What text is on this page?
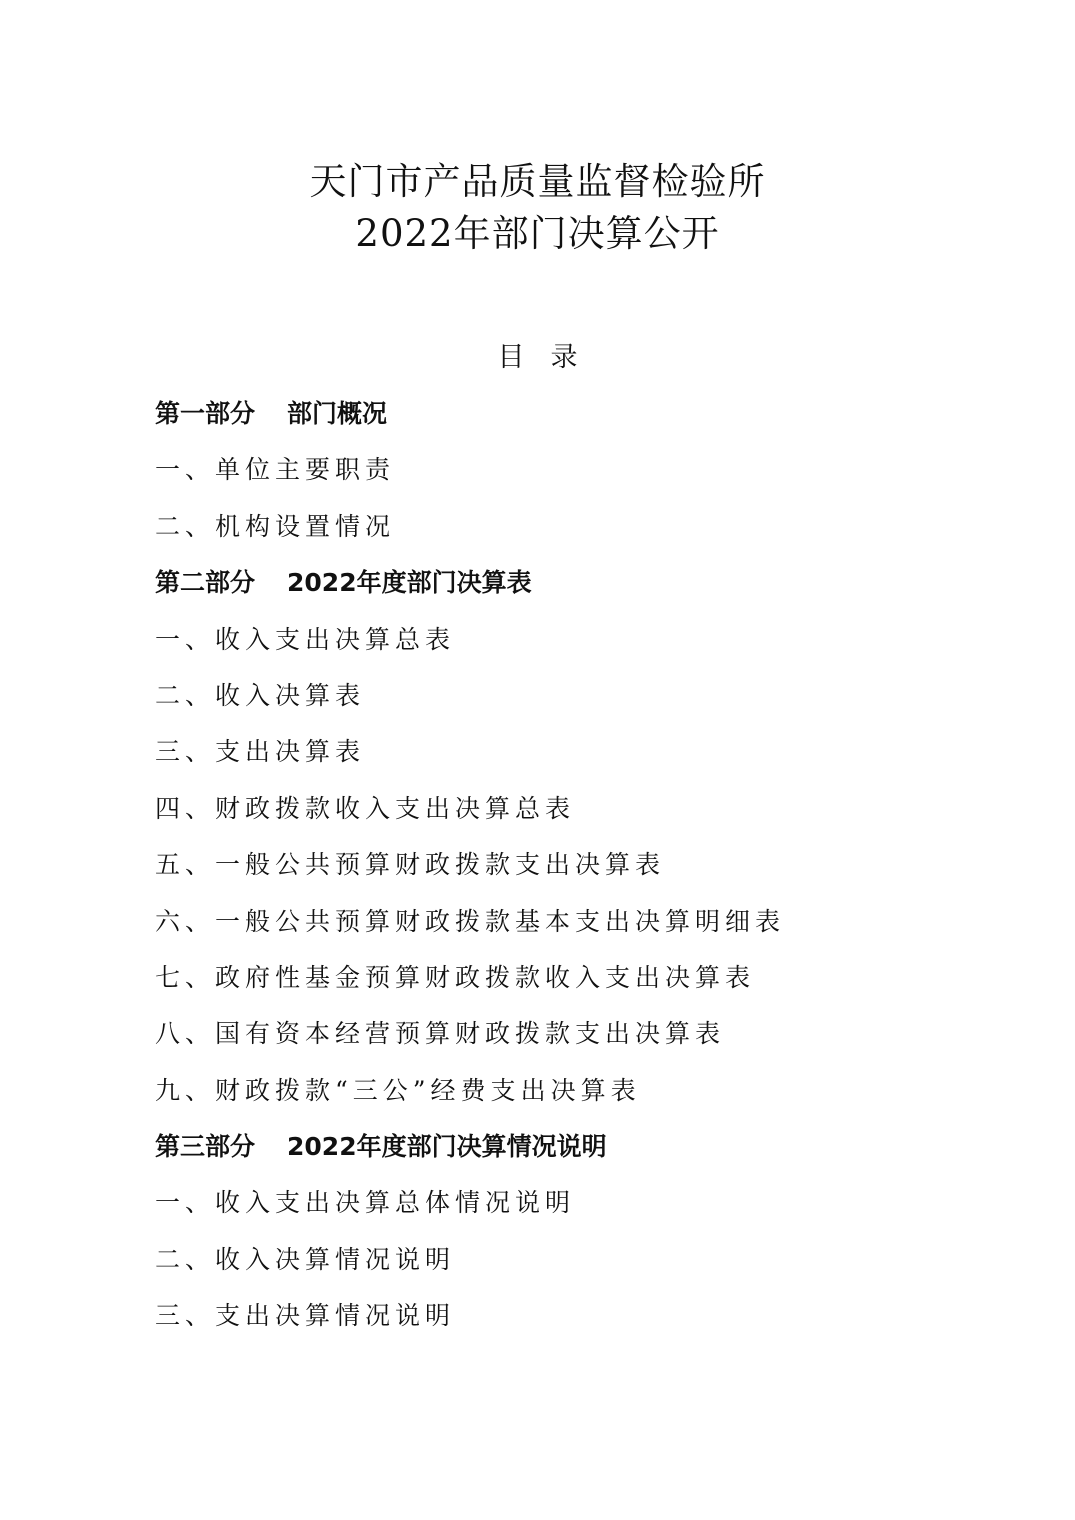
天门市产品质量监督检验所
2022年部门决算公开
目 录
第一部分 部门概况
一、单位主要职责
二、机构设置情况
第二部分 2022年度部门决算表
一、收入支出决算总表
二、收入决算表
三、支出决算表
四、财政拨款收入支出决算总表
五、一般公共预算财政拨款支出决算表
六、一般公共预算财政拨款基本支出决算明细表
七、政府性基金预算财政拨款收入支出决算表
八、国有资本经营预算财政拨款支出决算表
九、财政拨款“三公”经费支出决算表
第三部分 2022年度部门决算情况说明
一、收入支出决算总体情况说明
二、收入决算情况说明
三、支出决算情况说明
